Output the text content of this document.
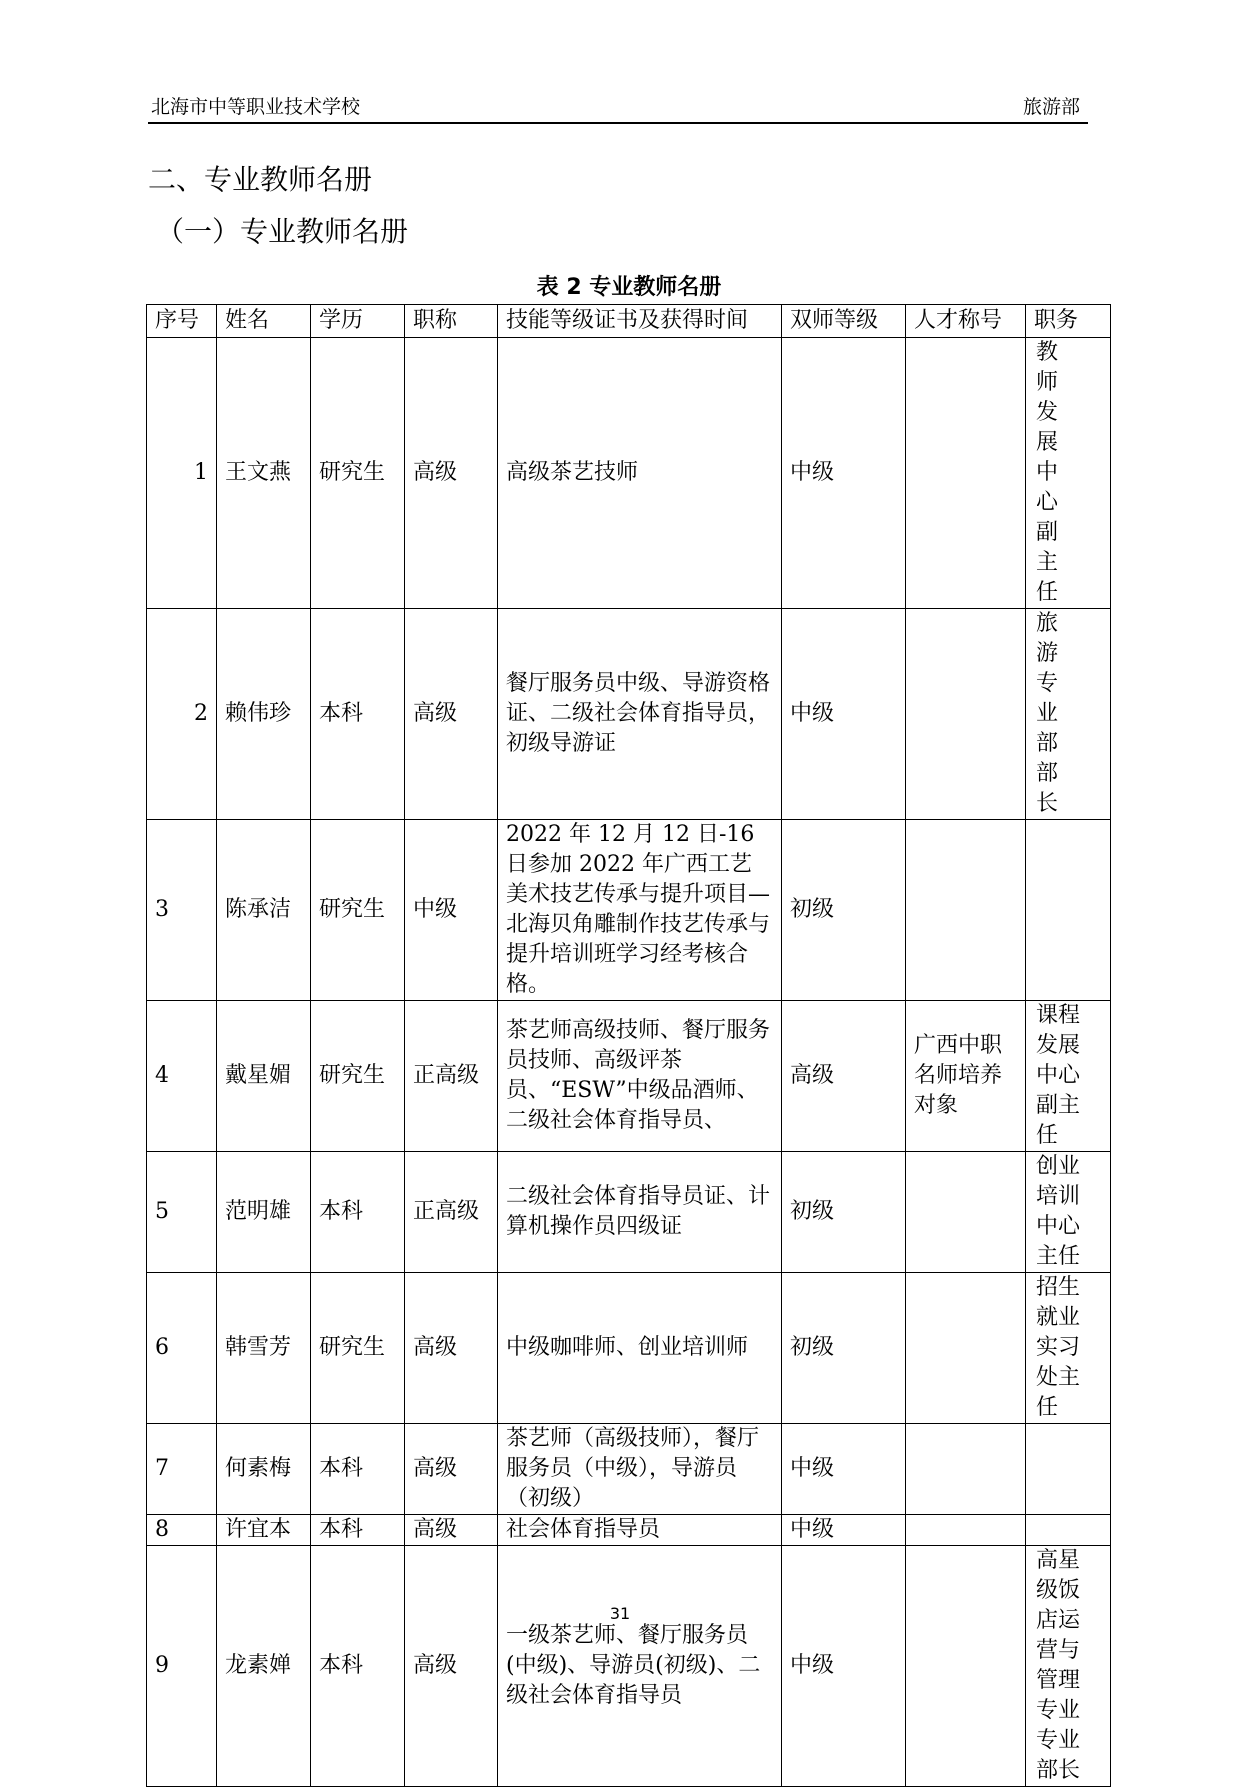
北海市中等职业技术学校	旅游部
二、专业教师名册
（一）专业教师名册
表 2 专业教师名册
序号	姓名	学历	职称	技能等级证书及获得时间	双师等级	人才称号	职务
1	王文燕	研究生	高级	高级茶艺技师	中级		教师发展中心副主任
2	赖伟珍	本科	高级	餐厅服务员中级、导游资格证、二级社会体育指导员，初级导游证	中级		旅游专业部部长
3	陈承洁	研究生	中级	2022 年 12 月 12 日-16 日参加 2022 年广西工艺美术技艺传承与提升项目—北海贝角雕制作技艺传承与提升培训班学习经考核合格。	初级		
4	戴星媚	研究生	正高级	茶艺师高级技师、餐厅服务员技师、高级评茶员、“ESW”中级品酒师、二级社会体育指导员、	高级	广西中职名师培养对象	课程发展中心副主任
5	范明雄	本科	正高级	二级社会体育指导员证、计算机操作员四级证	初级		创业培训中心主任
6	韩雪芳	研究生	高级	中级咖啡师、创业培训师	初级		招生就业实习处主任
7	何素梅	本科	高级	茶艺师（高级技师），餐厅服务员（中级），导游员（初级）	中级		
8	许宜本	本科	高级	社会体育指导员	中级		
9	龙素婵	本科	高级	一级茶艺师、餐厅服务员(中级)、导游员(初级)、二级社会体育指导员	中级		高星级饭店运营与管理专业专业部长
31
